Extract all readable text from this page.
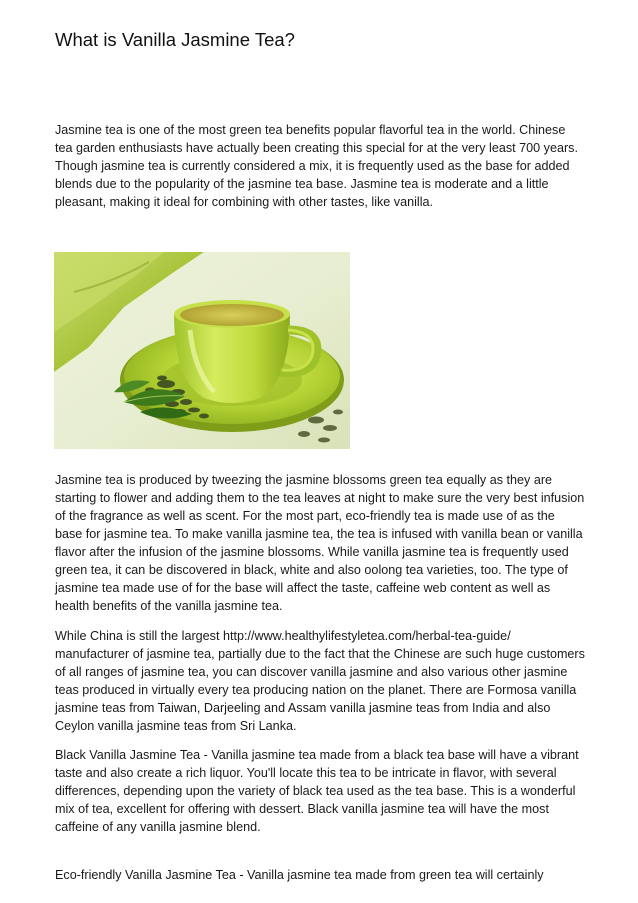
What is Vanilla Jasmine Tea?

Jasmine tea is one of the most green tea benefits popular flavorful tea in the world. Chinese tea garden enthusiasts have actually been creating this special for at the very least 700 years. Though jasmine tea is currently considered a mix, it is frequently used as the base for added blends due to the popularity of the jasmine tea base. Jasmine tea is moderate and a little pleasant, making it ideal for combining with other tastes, like vanilla.

Jasmine tea is produced by tweezing the jasmine blossoms green tea equally as they are starting to flower and adding them to the tea leaves at night to make sure the very best infusion of the fragrance as well as scent. For the most part, eco-friendly tea is made use of as the base for jasmine tea. To make vanilla jasmine tea, the tea is infused with vanilla bean or vanilla flavor after the infusion of the jasmine blossoms. While vanilla jasmine tea is frequently used green tea, it can be discovered in black, white and also oolong tea varieties, too. The type of jasmine tea made use of for the base will affect the taste, caffeine web content as well as health benefits of the vanilla jasmine tea.

While China is still the largest http://www.healthylifestyletea.com/herbal-tea-guide/ manufacturer of jasmine tea, partially due to the fact that the Chinese are such huge customers of all ranges of jasmine tea, you can discover vanilla jasmine and also various other jasmine teas produced in virtually every tea producing nation on the planet. There are Formosa vanilla jasmine teas from Taiwan, Darjeeling and Assam vanilla jasmine teas from India and also Ceylon vanilla jasmine teas from Sri Lanka.

Black Vanilla Jasmine Tea - Vanilla jasmine tea made from a black tea base will have a vibrant taste and also create a rich liquor. You'll locate this tea to be intricate in flavor, with several differences, depending upon the variety of black tea used as the tea base. This is a wonderful mix of tea, excellent for offering with dessert. Black vanilla jasmine tea will have the most caffeine of any vanilla jasmine blend.

Eco-friendly Vanilla Jasmine Tea - Vanilla jasmine tea made from green tea will certainly
